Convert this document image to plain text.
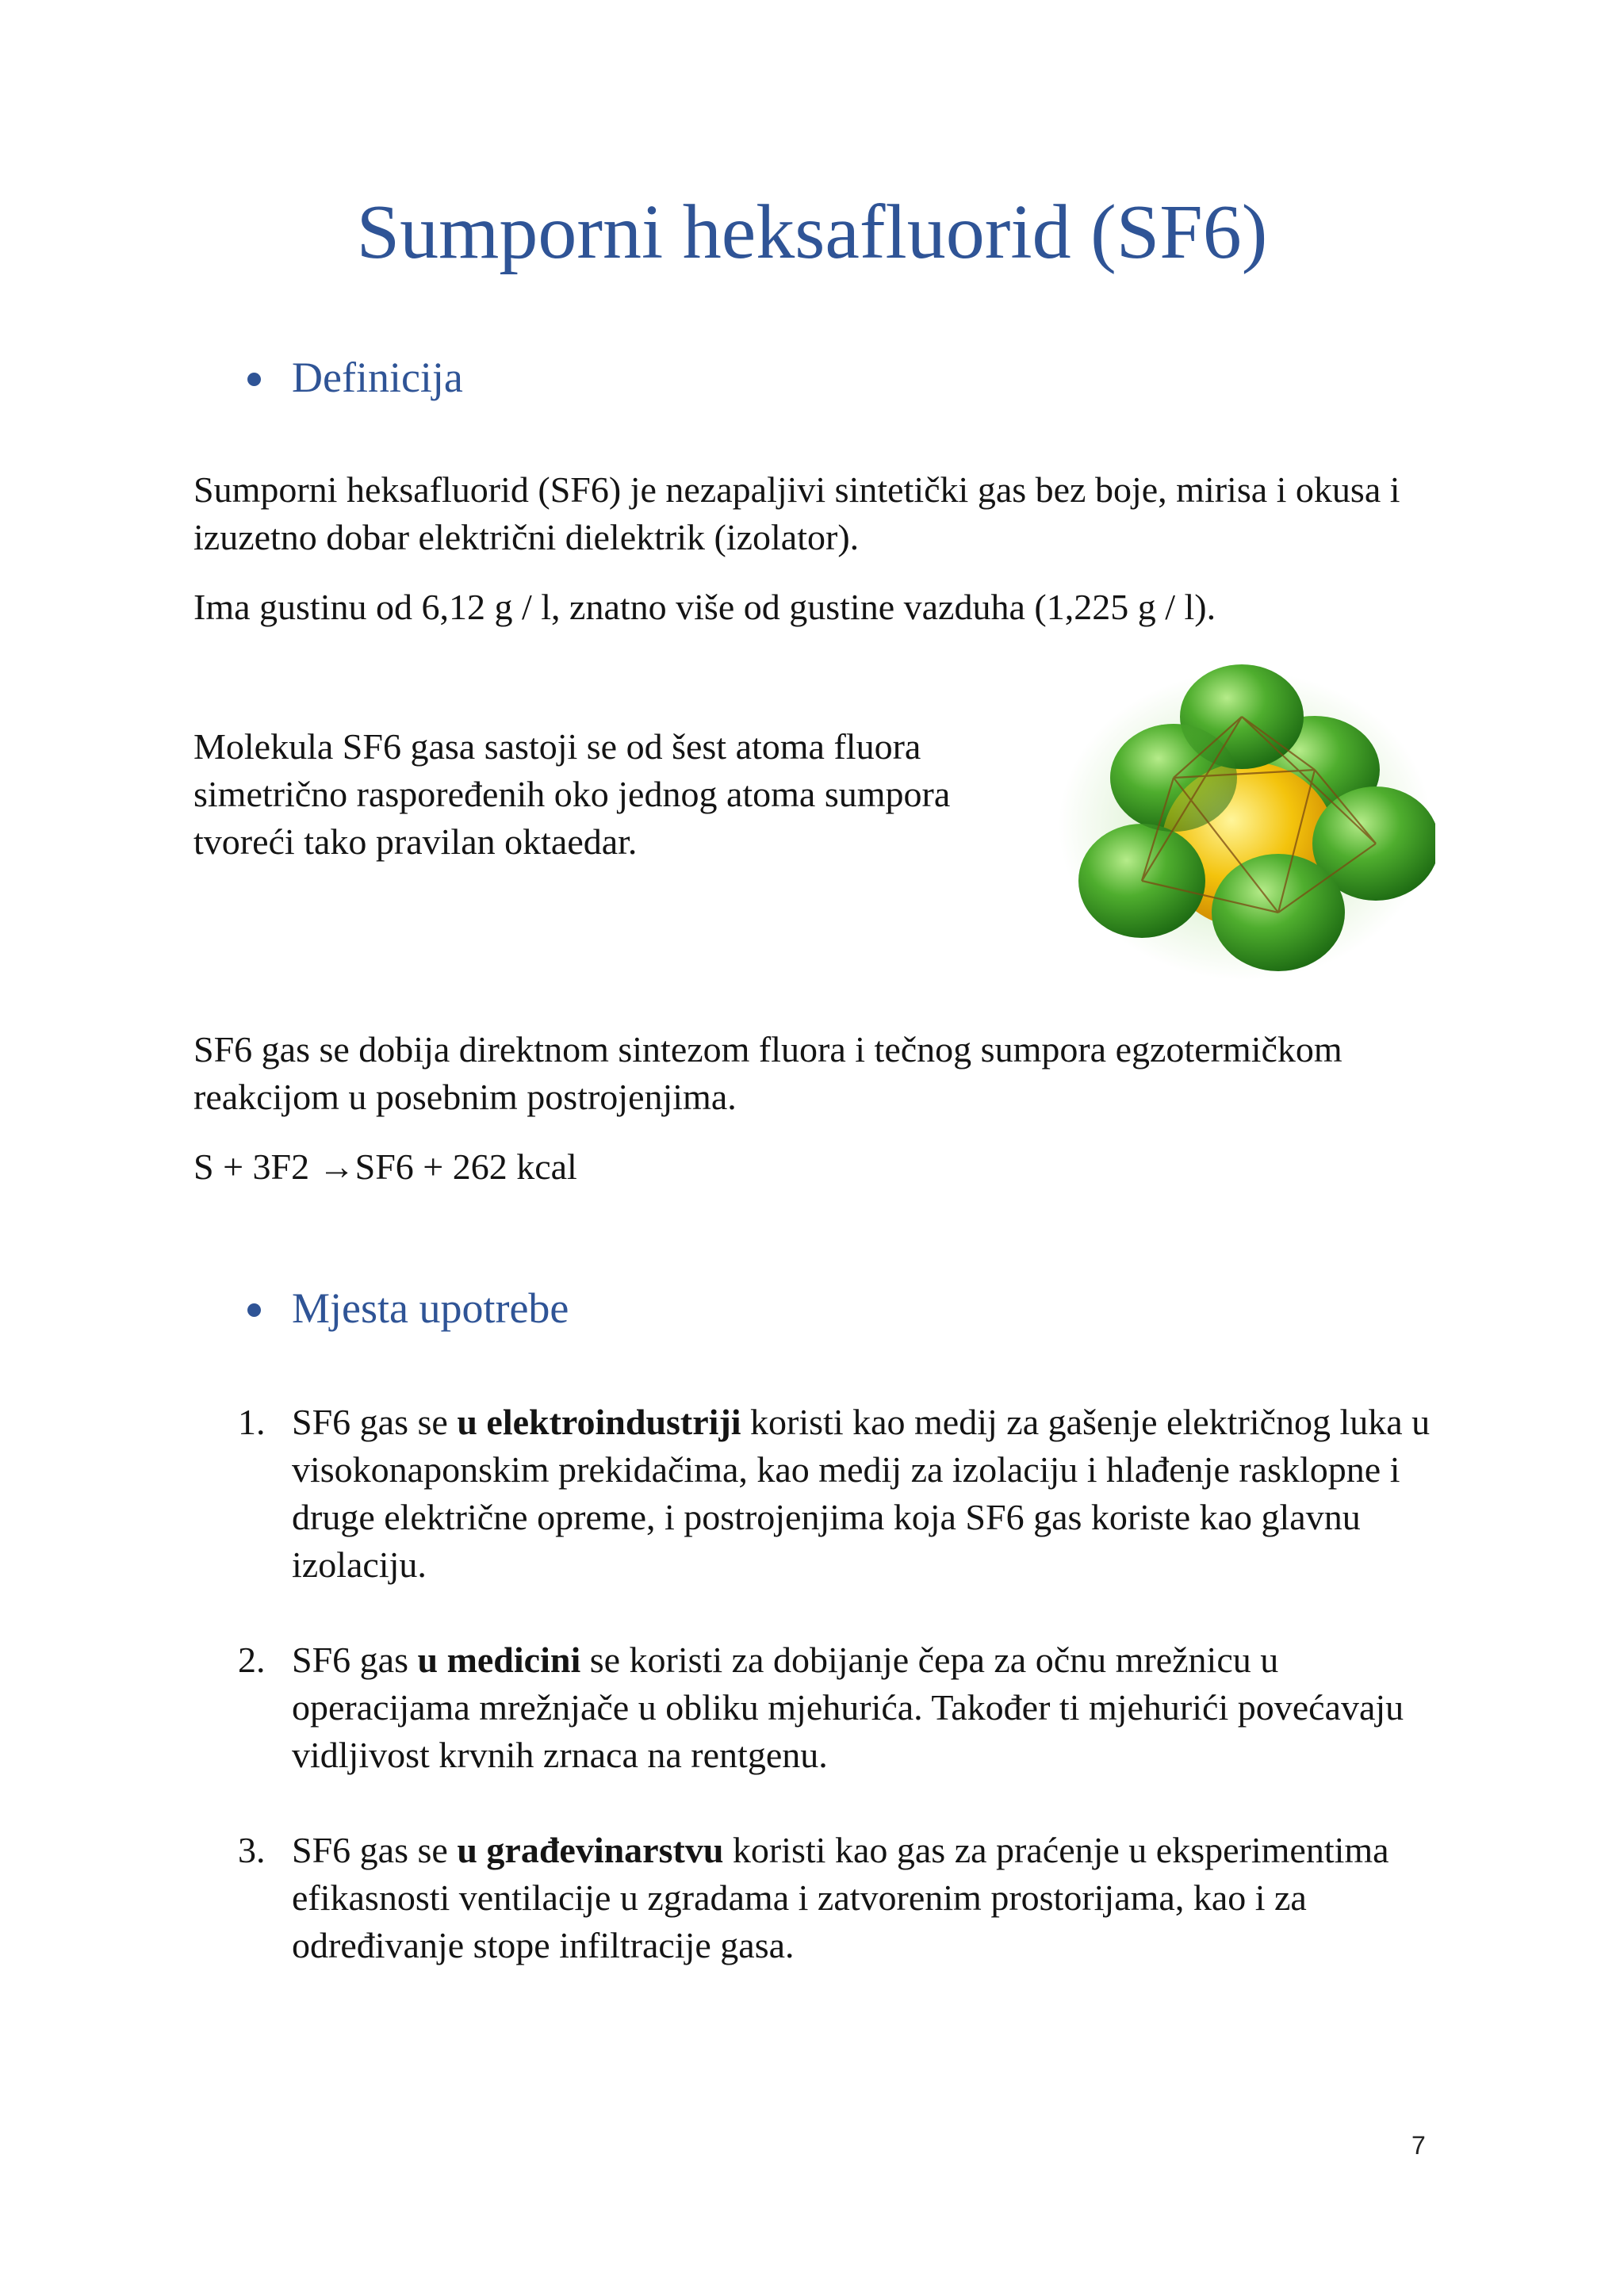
Sumporni heksafluorid (SF6)
Definicija

Sumporni heksafluorid (SF6) je nezapaljivi sintetički gas bez boje, mirisa i okusa i izuzetno dobar električni dielektrik (izolator).

Ima gustinu od 6,12 g / l, znatno više od gustine vazduha (1,225 g / l).

Molekula SF6 gasa sastoji se od šest atoma fluora simetrično raspoređenih oko jednog atoma sumpora tvoreći tako pravilan oktaedar.

SF6 gas se dobija direktnom sintezom fluora i tečnog sumpora egzotermičkom reakcijom u posebnim postrojenjima.

S + 3F2 →SF6 + 262 kcal

Mjesta upotrebe
1. SF6 gas se u elektroindustriji koristi kao medij za gašenje električnog luka u visokonaponskim prekidačima, kao medij za izolaciju i hlađenje rasklopne i druge električne opreme, i postrojenjima koja SF6 gas koriste kao glavnu izolaciju.
2. SF6 gas u medicini se koristi za dobijanje čepa za očnu mrežnicu u operacijama mrežnjače u obliku mjehurića. Također ti mjehurići povećavaju vidljivost krvnih zrnaca na rentgenu.
3. SF6 gas se u građevinarstvu koristi kao gas za praćenje u eksperimentima efikasnosti ventilacije u zgradama i zatvorenim prostorijama, kao i za određivanje stope infiltracije gasa.
7
